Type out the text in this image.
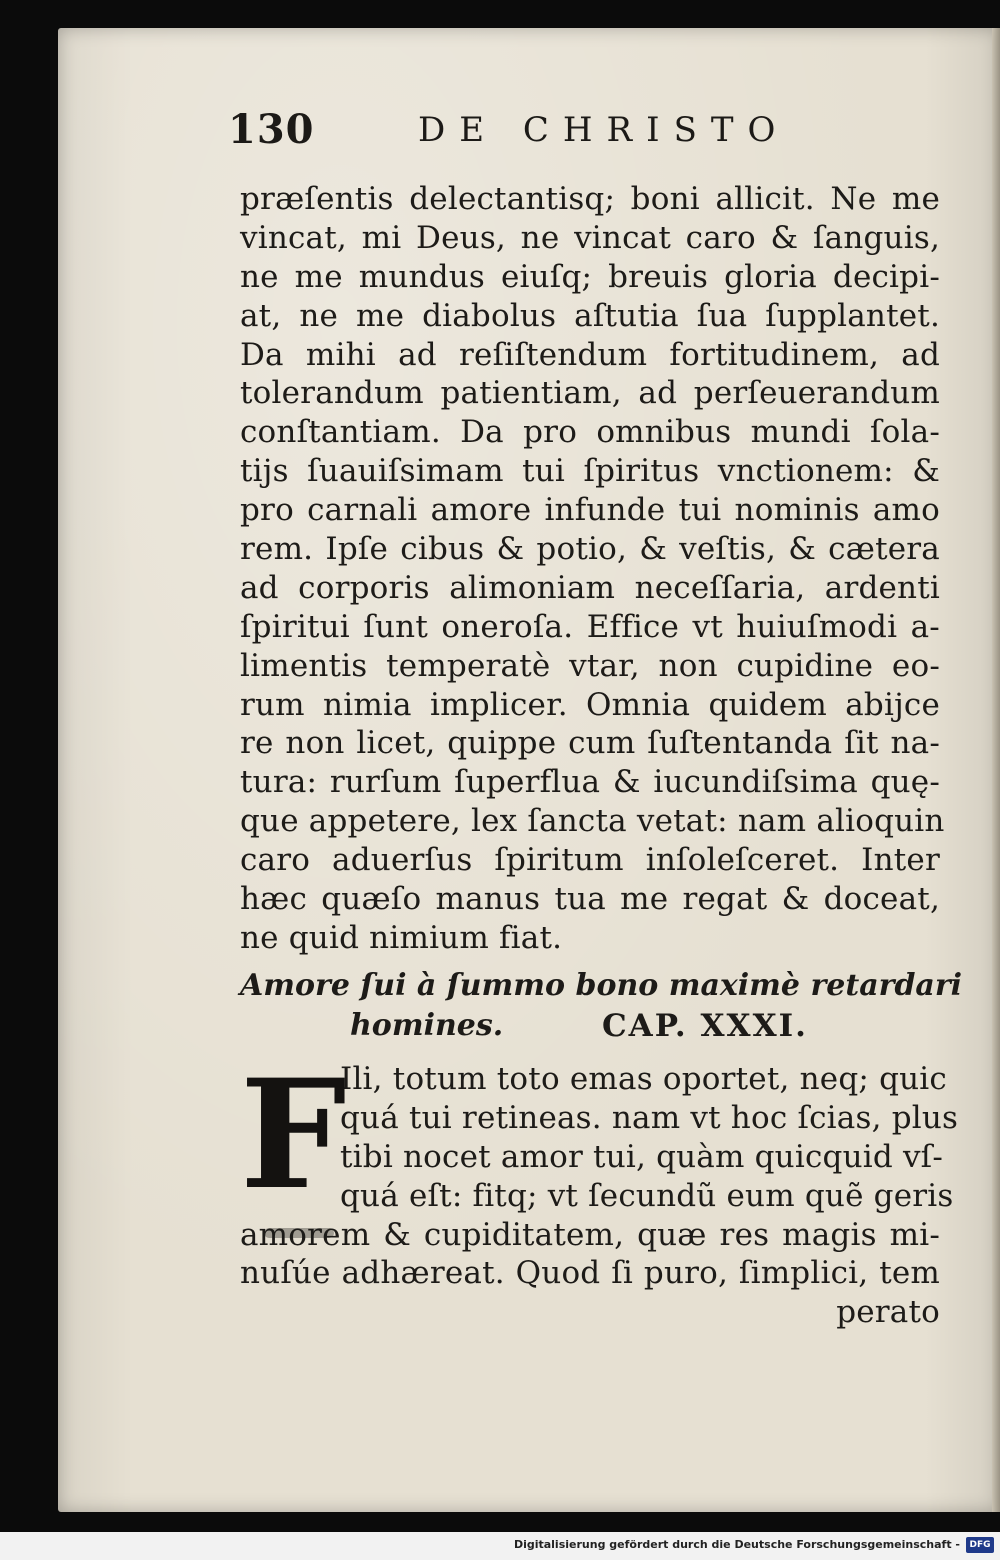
130	DE CHRISTO
præſentis delectantisq; boni allicit. Ne me
vincat, mi Deus, ne vincat caro & ſanguis,
ne me mundus eiuſq; breuis gloria decipi-
at, ne me diabolus aſtutia ſua ſupplantet.
Da mihi ad reſiſtendum fortitudinem, ad
tolerandum patientiam, ad perſeuerandum
conſtantiam. Da pro omnibus mundi ſola-
tijs ſuauiſsimam tui ſpiritus vnctionem: &
pro carnali amore infunde tui nominis amo
rem. Ipſe cibus & potio, & veſtis, & cætera
ad corporis alimoniam neceſſaria, ardenti
ſpiritui ſunt oneroſa. Effice vt huiuſmodi a-
limentis temperatè vtar, non cupidine eo-
rum nimia implicer. Omnia quidem abijce
re non licet, quippe cum ſuſtentanda ſit na-
tura: rurſum ſuperflua & iucundiſsima quę-
que appetere, lex ſancta vetat: nam alioquin
caro aduerſus ſpiritum inſoleſceret. Inter
hæc quæſo manus tua me regat & doceat,
ne quid nimium fiat.
Amore ſui à ſummo bono maximè retardari
homines.	CAP. XXXI.
F
Ili, totum toto emas oportet, neq; quic
quá tui retineas. nam vt hoc ſcias, plus
tibi nocet amor tui, quàm quicquid vſ-
quá eſt: fitq; vt ſecundũ eum quẽ geris
amorem & cupiditatem, quæ res magis mi-
nuſúe adhæreat. Quod ſi puro, ſimplici, tem
perato
Digitalisierung gefördert durch die Deutsche Forschungsgemeinschaft -	DFG
